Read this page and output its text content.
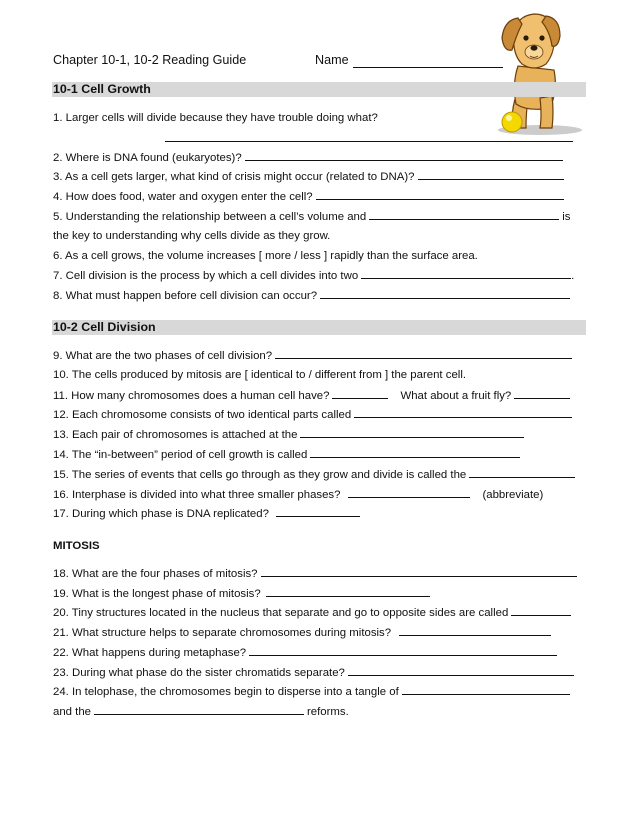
Chapter 10-1, 10-2 Reading Guide	Name
10-1 Cell Growth
1. Larger cells will divide because they have trouble doing what?
2. Where is DNA found (eukaryotes)?
3. As a cell gets larger, what kind of crisis might occur (related to DNA)?
4. How does food, water and oxygen enter the cell?
5. Understanding the relationship between a cell’s volume and	is
the key to understanding why cells divide as they grow.
6. As a cell grows, the volume increases [ more / less ] rapidly than the surface area.
7. Cell division is the process by which a cell divides into two	.
8. What must happen before cell division can occur?
10-2 Cell Division
9. What are the two phases of cell division?
10. The cells produced by mitosis are [ identical to / different from ] the parent cell.
11. How many chromosomes does a human cell have?	What about a fruit fly?
12. Each chromosome consists of two identical parts called
13. Each pair of chromosomes is attached at the
14. The “in-between” period of cell growth is called
15. The series of events that cells go through as they grow and divide is called the
16. Interphase is divided into what three smaller phases?	(abbreviate)
17. During which phase is DNA replicated?
MITOSIS
18. What are the four phases of mitosis?
19. What is the longest phase of mitosis?
20. Tiny structures located in the nucleus that separate and go to opposite sides are called
21. What structure helps to separate chromosomes during mitosis?
22. What happens during metaphase?
23. During what phase do the sister chromatids separate?
24. In telophase, the chromosomes begin to disperse into a tangle of
and the	reforms.
